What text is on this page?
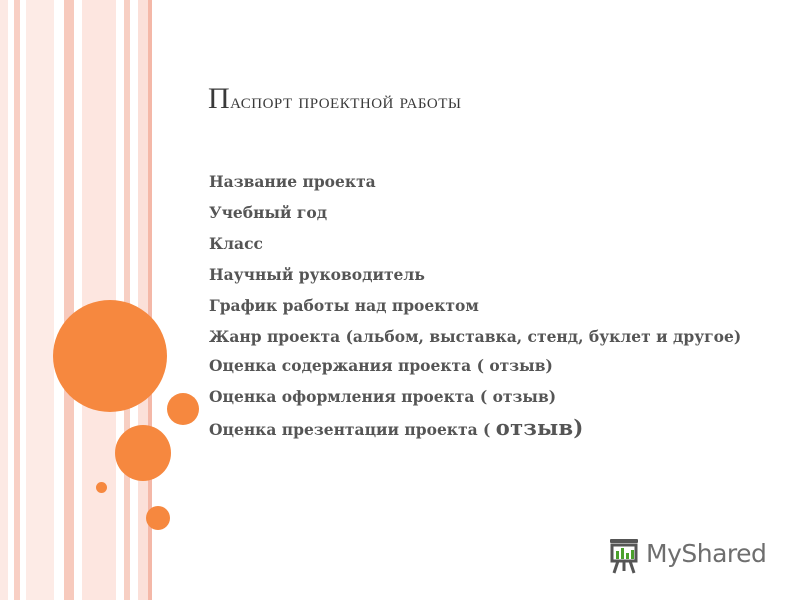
Паспорт проектной работы
Название проекта
Учебный год
Класс
Научный руководитель
График работы над проектом
Жанр проекта (альбом, выставка, стенд, буклет и другое)
Оценка содержания проекта ( отзыв)
Оценка оформления проекта ( отзыв)
Оценка презентации проекта ( отзыв)
MyShared
